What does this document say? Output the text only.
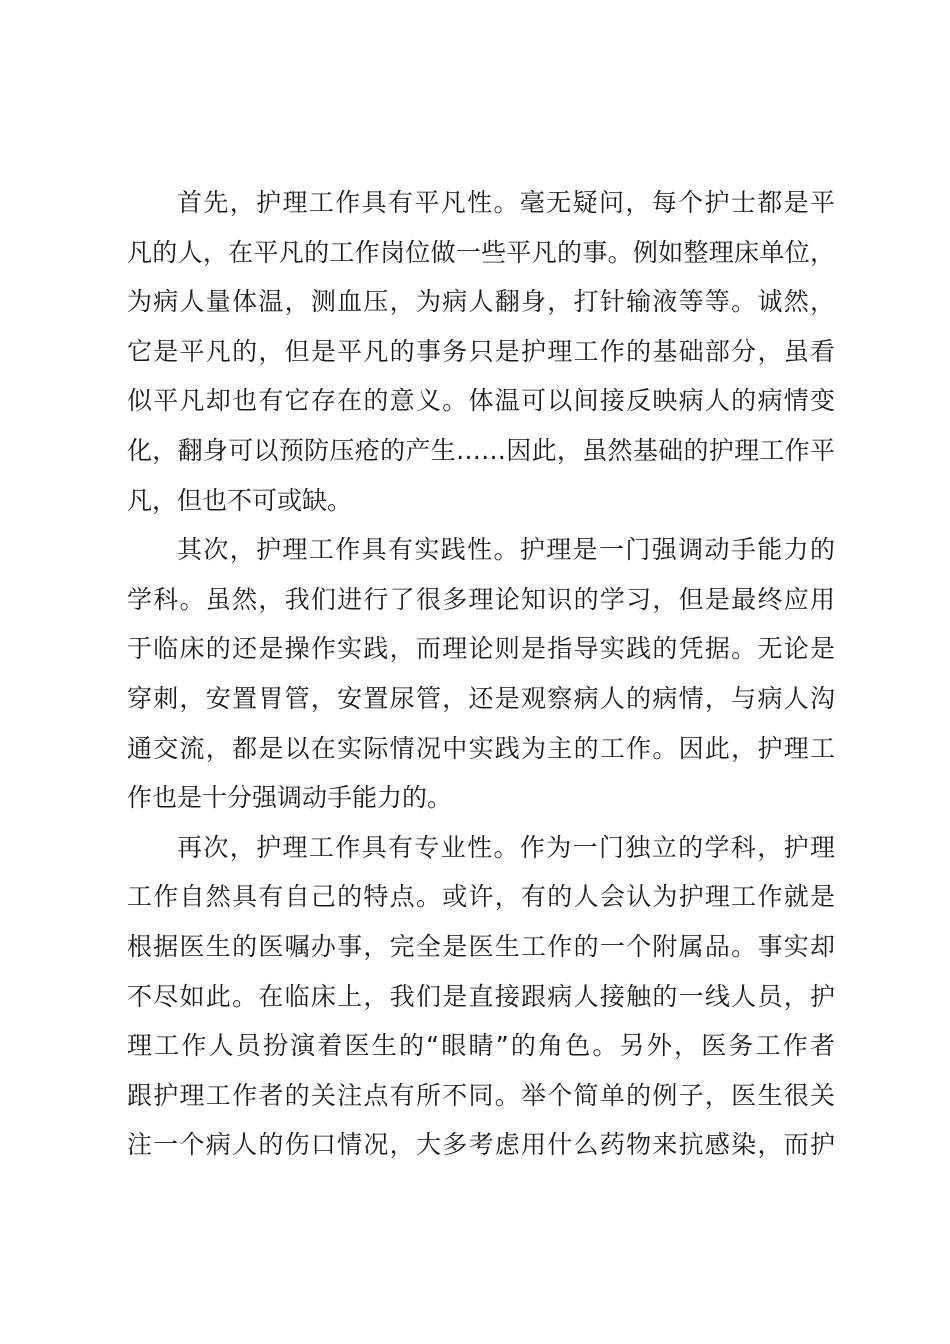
首先，护理工作具有平凡性。毫无疑问，每个护士都是平
凡的人，在平凡的工作岗位做一些平凡的事。例如整理床单位，
为病人量体温，测血压，为病人翻身，打针输液等等。诚然，
它是平凡的，但是平凡的事务只是护理工作的基础部分，虽看
似平凡却也有它存在的意义。体温可以间接反映病人的病情变
化，翻身可以预防压疮的产生……因此，虽然基础的护理工作平
凡，但也不可或缺。
其次，护理工作具有实践性。护理是一门强调动手能力的
学科。虽然，我们进行了很多理论知识的学习，但是最终应用
于临床的还是操作实践，而理论则是指导实践的凭据。无论是
穿刺，安置胃管，安置尿管，还是观察病人的病情，与病人沟
通交流，都是以在实际情况中实践为主的工作。因此，护理工
作也是十分强调动手能力的。
再次，护理工作具有专业性。作为一门独立的学科，护理
工作自然具有自己的特点。或许，有的人会认为护理工作就是
根据医生的医嘱办事，完全是医生工作的一个附属品。事实却
不尽如此。在临床上，我们是直接跟病人接触的一线人员，护
理工作人员扮演着医生的“眼睛”的角色。另外，医务工作者
跟护理工作者的关注点有所不同。举个简单的例子，医生很关
注一个病人的伤口情况，大多考虑用什么药物来抗感染，而护
